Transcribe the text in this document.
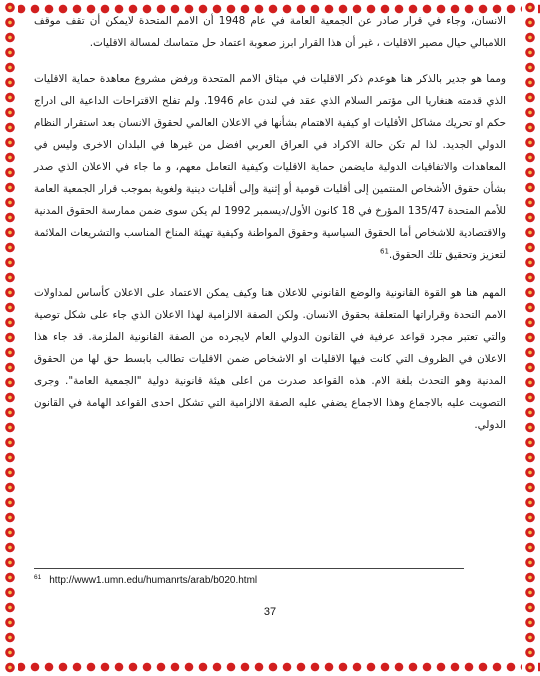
الانسان، وجاء في قرار صادر عن الجمعية العامة في عام 1948 أن الامم المتحدة لايمكن أن تقف موقف اللامبالي حيال مصير الاقليات ، غير أن هذا القرار ابرز صعوبة اعتماد حل متماسك لمسالة الاقليات.

ومما هو جدير بالذكر هنا هوعدم ذكر الاقليات في ميثاق الامم المتحدة ورفض مشروع معاهدة حماية الاقليات الذي قدمته هنغاريا الى مؤتمر السلام الذي عقد في لندن عام 1946. ولم تفلح الاقتراحات الداعية الى ادراج حكم او تحريك مشاكل الأقليات او كيفية الاهتمام بشأنها في الاعلان العالمي لحقوق الانسان بعد استقرار النظام الدولي الجديد. لذا لم تكن حالة الاكراد في العراق العربي افضل من غيرها في البلدان الاخرى وليس في المعاهدات والاتفاقيات الدولية مايضمن حماية الاقليات وكيفية التعامل معهم، و ما جاء في الاعلان الذي صدر بشأن حقوق الأشخاص المنتمين إلى أقليات قومية أو إثنية وإلى أقليات دينية ولغوية بموجب قرار الجمعية العامة للأمم المتحدة 135/47 المؤرخ في 18 كانون الأول/ديسمبر 1992 لم يكن سوى ضمن ممارسة الحقوق المدنية والاقتصادية للاشخاص أما الحقوق السياسية وحقوق المواطنة وكيفية تهيئة المناخ المناسب والتشريعات الملائمة لتعزيز وتحقيق تلك الحقوق.$^{61}$

المهم هنا هو القوة القانونية والوضع القانوني للاعلان هنا وكيف يمكن الاعتماد على الاعلان كأساس لمداولات الامم التحدة وقراراتها المتعلقة بحقوق الانسان. ولكن الصفة الالزامية لهذا الاعلان الذي جاء على شكل توصية والتي تعتبر مجرد قواعد عرفية في القانون الدولي العام لايجرده من الصفة القانونية الملزمة. قد جاء هذا الاعلان في الظروف التي كانت فيها الاقليات او الاشخاص ضمن الاقليات تطالب بابسط حق لها من الحقوق المدنية وهو التحدث بلغة الام. هذه القواعد صدرت من اعلى هيئة قانونية دولية "الجمعية العامة". وجرى التصويت عليه بالاجماع وهذا الاجماع يضفي عليه الصفة الالزامية التي تشكل احدى القواعد الهامة في القانون الدولي.

$^{61}$ http://www1.umn.edu/humanrts/arab/b020.html
37
